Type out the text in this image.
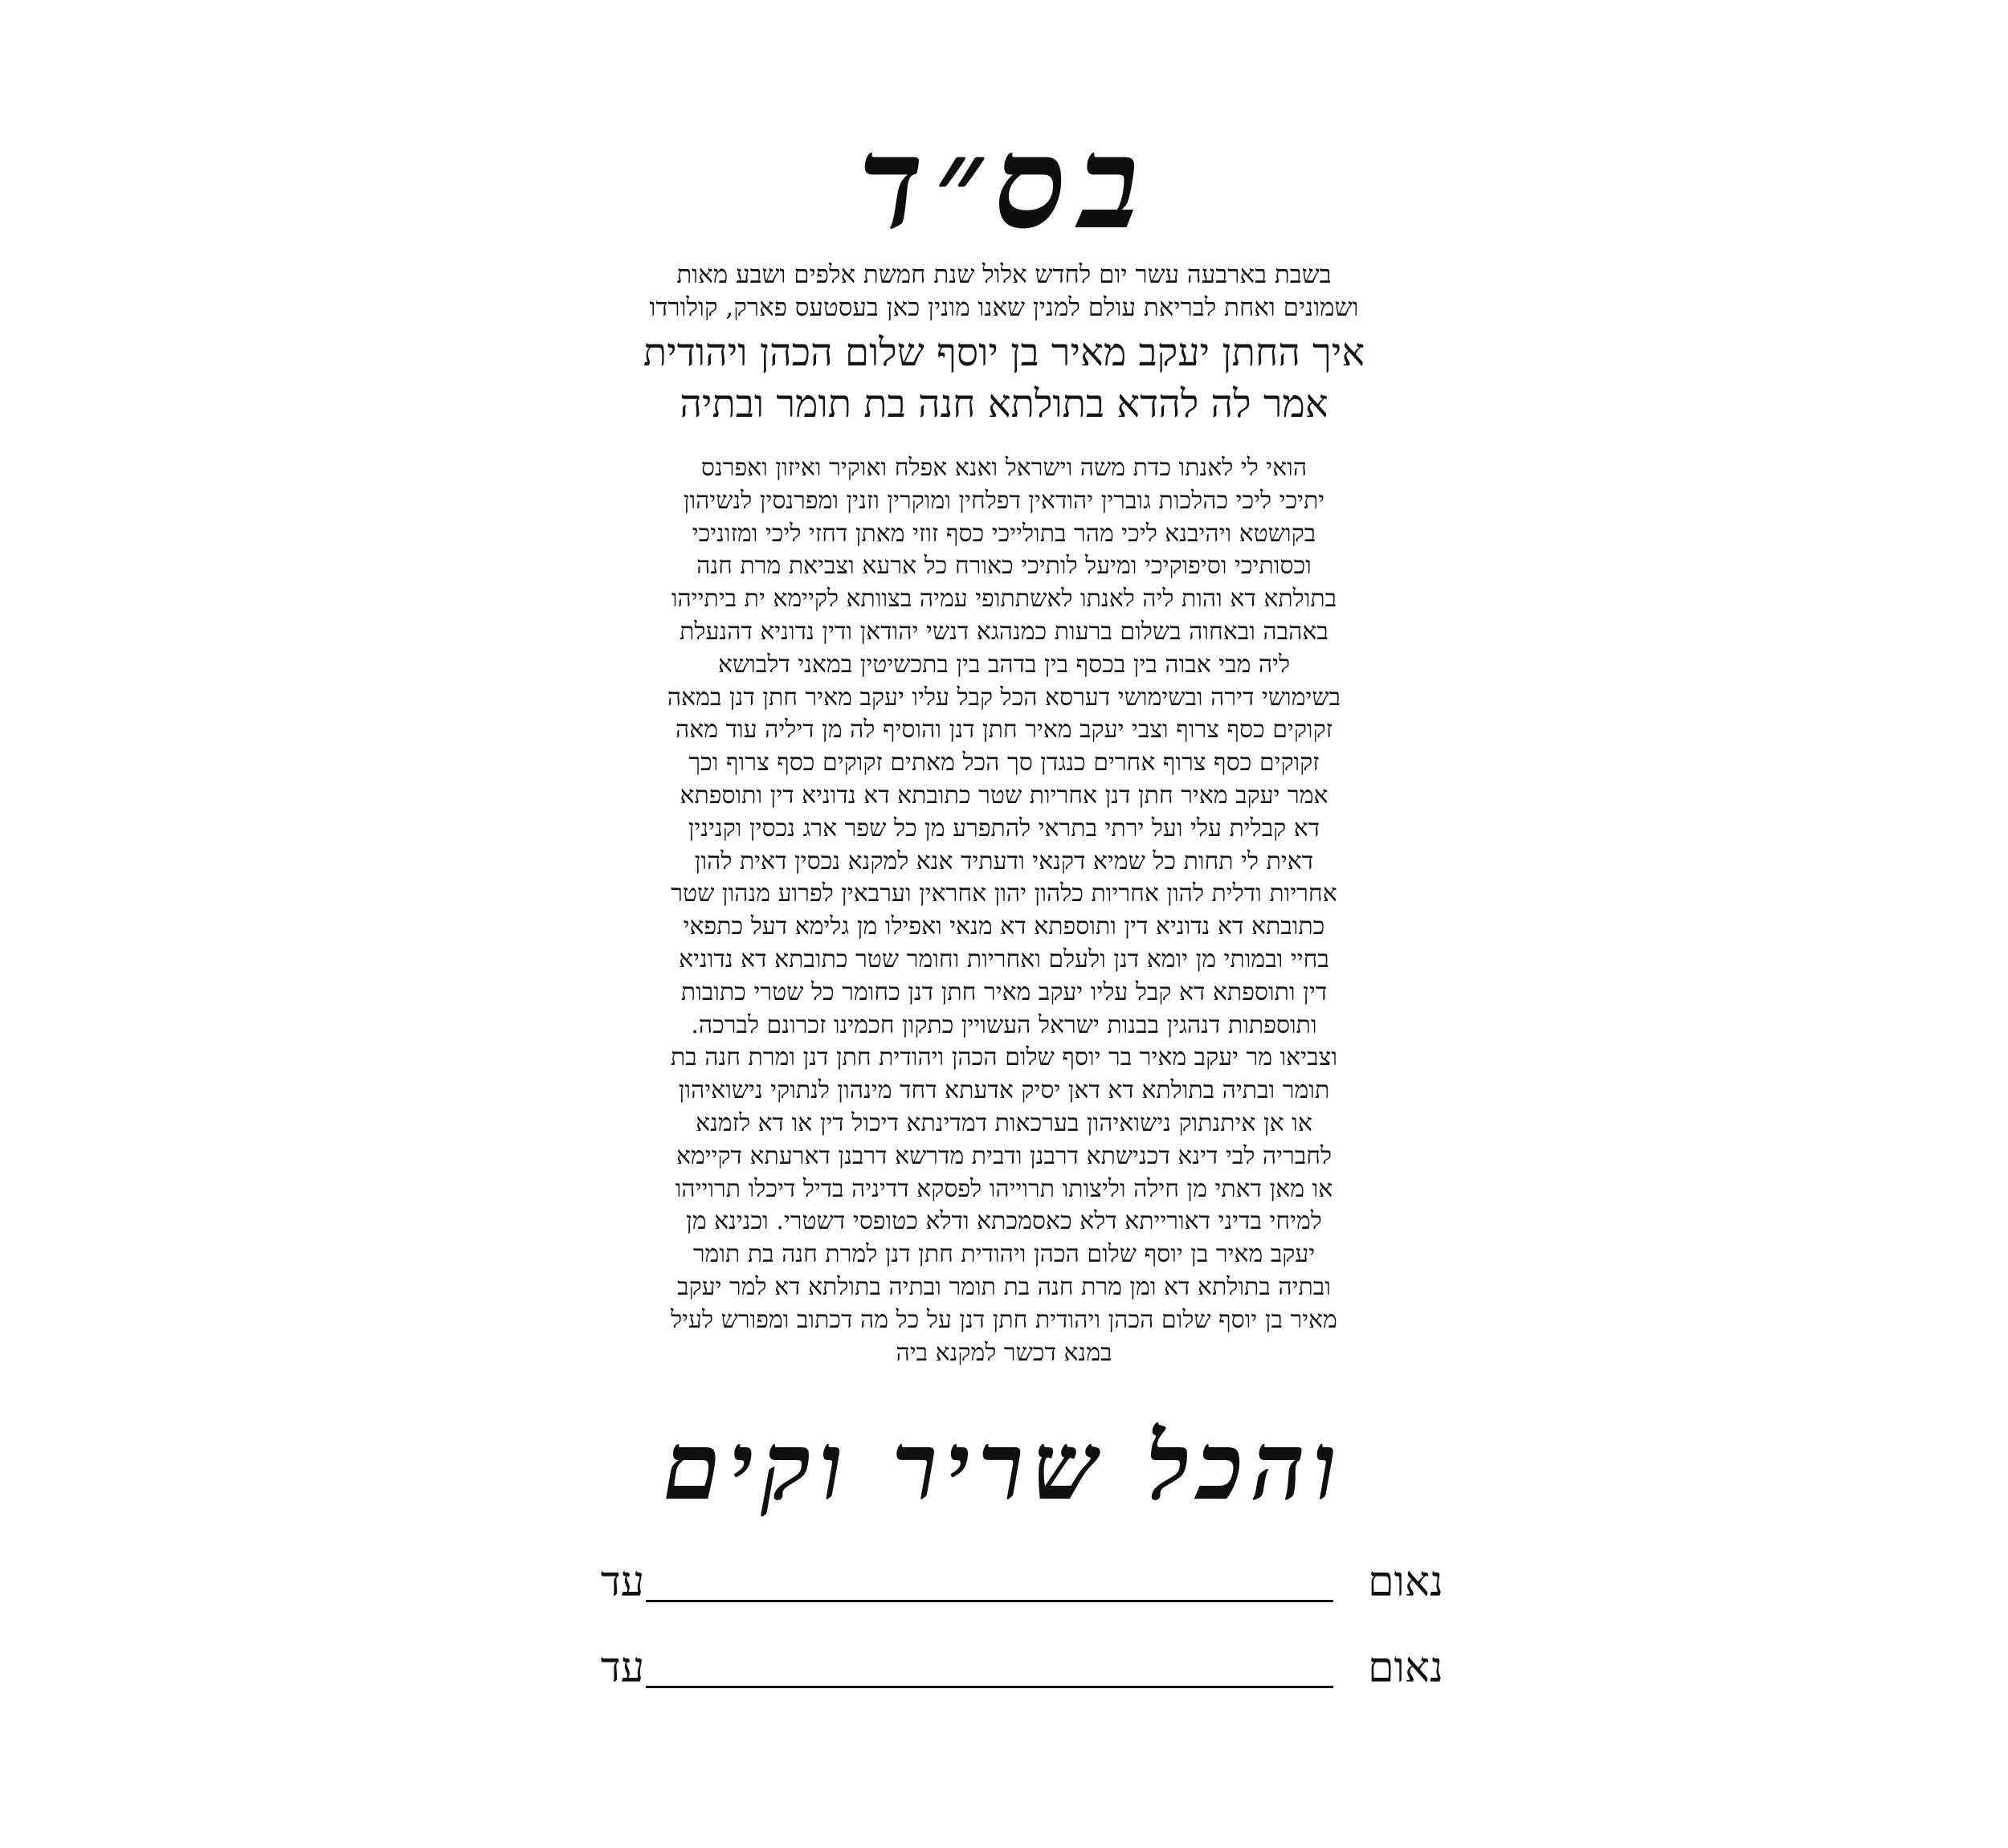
בס״ד
בשבת בארבעה עשר יום לחדש אלול שנת חמשת אלפים ושבע מאות
ושמונים ואחת לבריאת עולם למנין שאנו מונין כאן בעסטעס פארק, קולורדו
איך החתן יעקב מאיר בן יוסף שלום הכהן ויהודית
אמר לה להדא בתולתא חנה בת תומר ובתיה
הואי לי לאנתו כדת משה וישראל ואנא אפלח ואוקיר ואיזון ואפרנס
יתיכי ליכי כהלכות גוברין יהודאין דפלחין ומוקרין וזנין ומפרנסין לנשיהון
בקושטא ויהיבנא ליכי מהר בתולייכי כסף זוזי מאתן דחזי ליכי ומזוניכי
וכסותיכי וסיפוקיכי ומיעל לותיכי כאורח כל ארעא וצביאת מרת חנה
בתולתא דא והות ליה לאנתו לאשתתופי עמיה בצוותא לקיימא ית ביתייהו
באהבה ובאחוה בשלום ברעות כמנהגא דנשי יהודאן ודין נדוניא דהנעלת
ליה מבי אבוה בין בכסף בין בדהב בין בתכשיטין במאני דלבושא
בשימושי דירה ובשימושי דערסא הכל קבל עליו יעקב מאיר חתן דנן במאה
זקוקים כסף צרוף וצבי יעקב מאיר חתן דנן והוסיף לה מן דיליה עוד מאה
זקוקים כסף צרוף אחרים כנגדן סך הכל מאתים זקוקים כסף צרוף וכך
אמר יעקב מאיר חתן דנן אחריות שטר כתובתא דא נדוניא דין ותוספתא
דא קבלית עלי ועל ירתי בתראי להתפרע מן כל שפר ארג נכסין וקנינין
דאית לי תחות כל שמיא דקנאי ודעתיד אנא למקנא נכסין דאית להון
אחריות ודלית להון אחריות כלהון יהון אחראין וערבאין לפרוע מנהון שטר
כתובתא דא נדוניא דין ותוספתא דא מנאי ואפילו מן גלימא דעל כתפאי
בחיי ובמותי מן יומא דנן ולעלם ואחריות וחומר שטר כתובתא דא נדוניא
דין ותוספתא דא קבל עליו יעקב מאיר חתן דנן כחומר כל שטרי כתובות
ותוספתות דנהגין בבנות ישראל העשויין כתקון חכמינו זכרונם לברכה.
וצביאו מר יעקב מאיר בר יוסף שלום הכהן ויהודית חתן דנן ומרת חנה בת
תומר ובתיה בתולתא דא דאן יסיק אדעתא דחד מינהון לנתוקי נישואיהון
או אן איתנתוק נישואיהון בערכאות דמדינתא דיכול דין או דא לזמנא
לחבריה לבי דינא דכנישתא דרבנן ודבית מדרשא דרבנן דארעתא דקיימא
או מאן דאתי מן חילה וליצותו תרוייהו לפסקא דדיניה בדיל דיכלו תרוייהו
למיחי בדיני דאורייתא דלא כאסמכתא ודלא כטופסי דשטרי. וכנינא מן
יעקב מאיר בן יוסף שלום הכהן ויהודית חתן דנן למרת חנה בת תומר
ובתיה בתולתא דא ומן מרת חנה בת תומר ובתיה בתולתא דא למר יעקב
מאיר בן יוסף שלום הכהן ויהודית חתן דנן על כל מה דכתוב ומפורש לעיל
במנא דכשר למקנא ביה
והכל שריר וקים
נאום
עד
נאום
עד
